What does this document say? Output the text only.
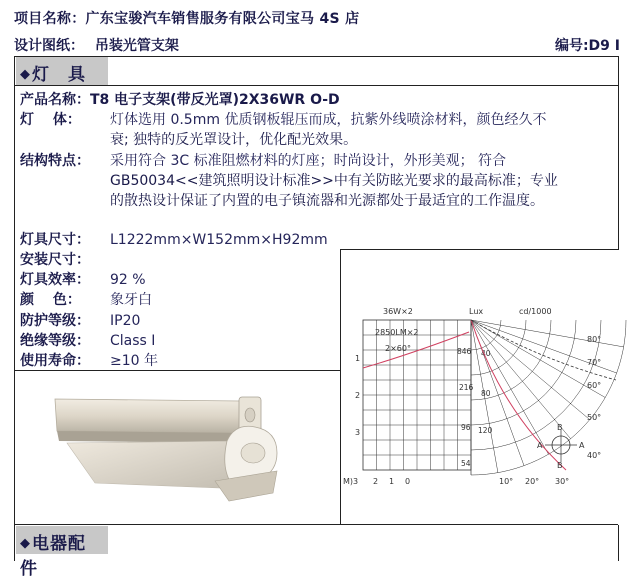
项目名称：广东宝骏汽车销售服务有限公司宝马 4S 店
设计图纸： 吊装光管支架	编号:D9 I
◆灯　具
产品名称：T8 电子支架(带反光罩)2X36WR O-D
灯　 体： 灯体选用 0.5mm 优质钢板辊压而成，抗紫外线喷涂材料，颜色经久不
衰; 独特的反光罩设计，优化配光效果。
结构特点： 采用符合 3C 标准阻燃材料的灯座；时尚设计，外形美观； 符合
GB50034<<建筑照明设计标准>>中有关防眩光要求的最高标准；专业
的散热设计保证了内置的电子镇流器和光源都处于最适宜的工作温度。
灯具尺寸： L1222mm×W152mm×H92mm
安装尺寸：
灯具效率： 92 %
颜　 色： 象牙白
防护等级： IP20
绝缘等级： Class I
使用寿命： ≥10 年
36W×2	Lux	cd/1000
2850LM×2
2×60°
1
2
3
846
216
96
54
40
80
120
80°
70°
60°
50°
40°
10° 20° 30°
M)3 2 1 0
B
A	A
B
◆电器配件
